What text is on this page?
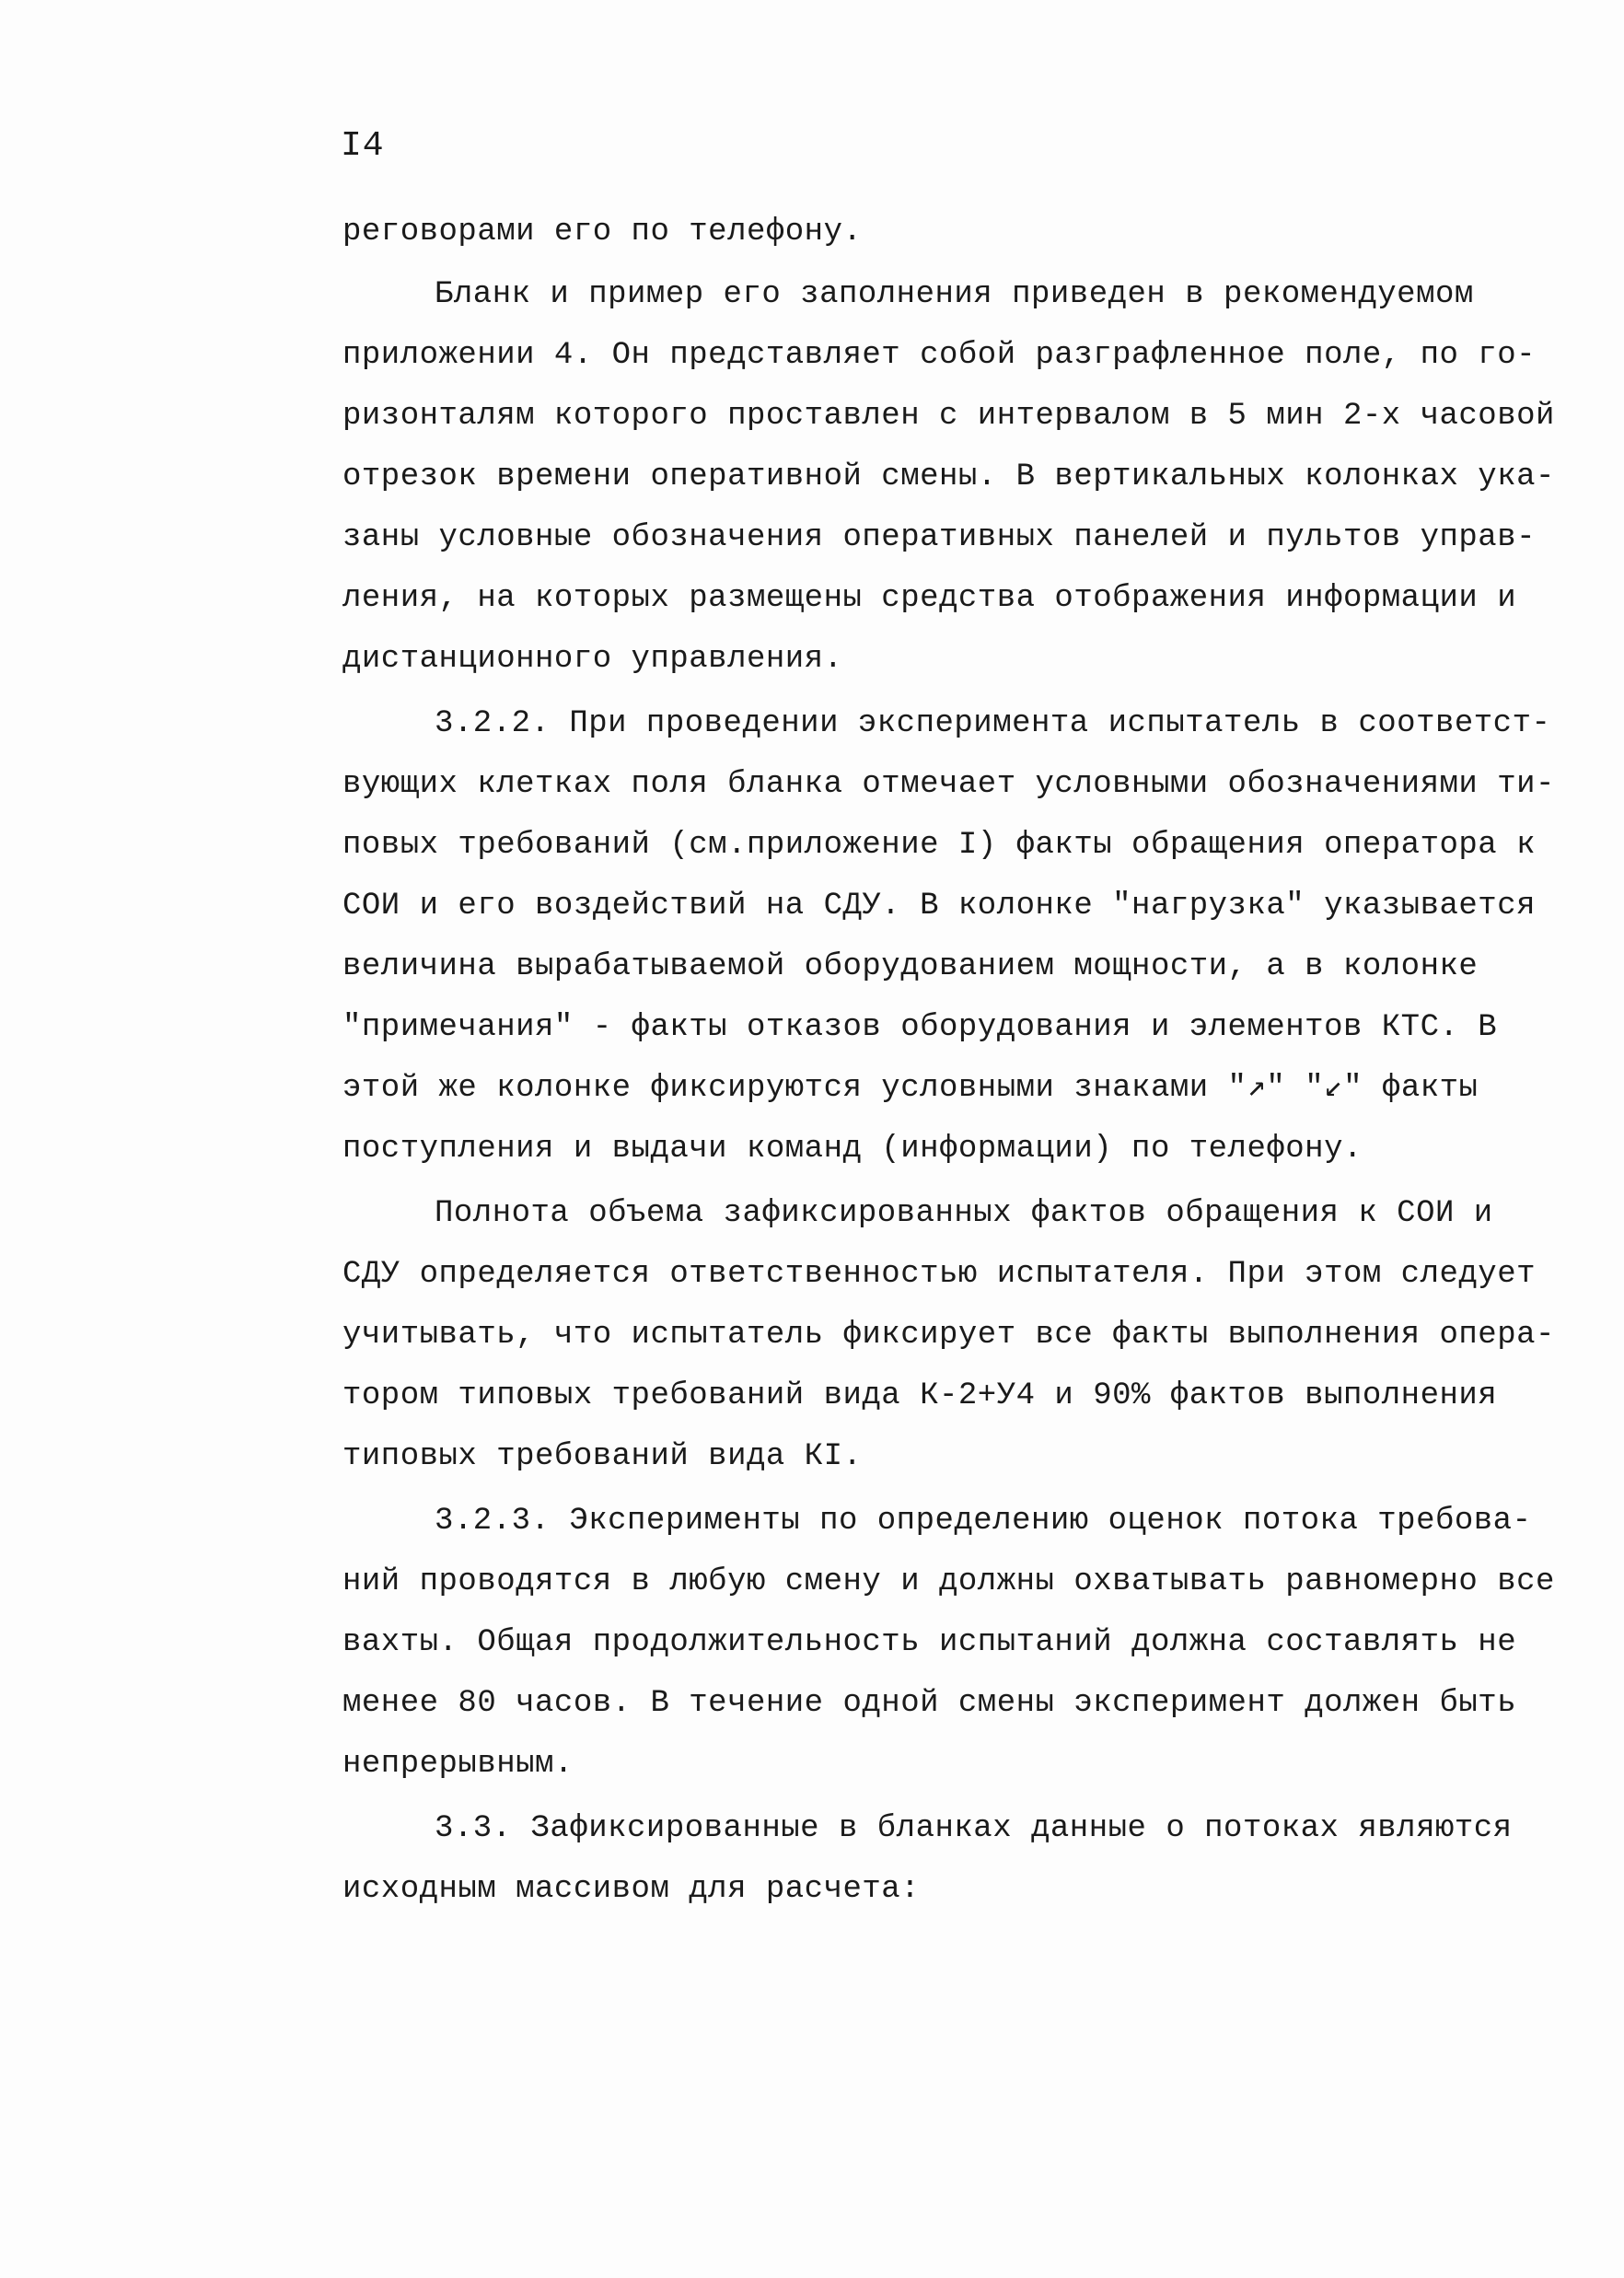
I4
реговорами его по телефону.
Бланк и пример его заполнения приведен в рекомендуемом
приложении 4. Он представляет собой разграфленное поле, по го-
ризонталям которого проставлен с интервалом в 5 мин 2-х часовой
отрезок времени оперативной смены. В вертикальных колонках ука-
заны условные обозначения оперативных панелей и пультов управ-
ления, на которых размещены средства отображения информации и
дистанционного управления.
3.2.2. При проведении эксперимента испытатель в соответст-
вующих клетках поля бланка отмечает условными обозначениями ти-
повых требований (см.приложение I) факты обращения оператора к
СОИ и его воздействий на СДУ. В колонке "нагрузка" указывается
величина вырабатываемой оборудованием мощности, а в колонке
"примечания" - факты отказов оборудования и элементов КТС. В
этой же колонке фиксируются условными знаками "↗" "↙" факты
поступления и выдачи команд (информации) по телефону.
Полнота объема зафиксированных фактов обращения к СОИ и
СДУ определяется ответственностью испытателя. При этом следует
учитывать, что испытатель фиксирует все факты выполнения опера-
тором типовых требований вида К-2+У4 и 90% фактов выполнения
типовых требований вида КI.
3.2.3. Эксперименты по определению оценок потока требова-
ний проводятся в любую смену и должны охватывать равномерно все
вахты. Общая продолжительность испытаний должна составлять не
менее 80 часов. В течение одной смены эксперимент должен быть
непрерывным.
3.3. Зафиксированные в бланках данные о потоках являются
исходным массивом для расчета:
